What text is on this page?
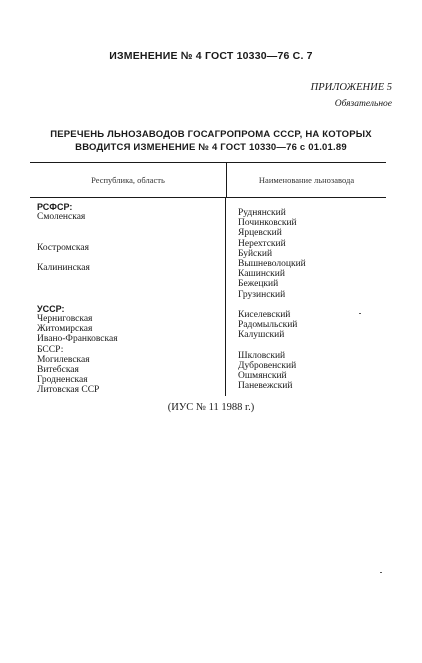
ИЗМЕНЕНИЕ № 4 ГОСТ 10330—76 С. 7
ПРИЛОЖЕНИЕ 5
Обязательное
ПЕРЕЧЕНЬ ЛЬНОЗАВОДОВ ГОСАГРОПРОМА СССР, НА КОТОРЫХ
ВВОДИТСЯ ИЗМЕНЕНИЕ № 4 ГОСТ 10330—76 с 01.01.89
Республика, область	Наименование льнозавода
РСФСР:
Смоленская
Костромская
Калининская
УССР:
Черниговская
Житомирская
Ивано-Франковская
БССР:
Могилевская
Витебская
Гродненская
Литовская ССР
Руднянский
Починковский
Ярцевский
Нерехтский
Буйский
Вышневолоцкий
Кашинский
Бежецкий
Грузинский
Киселевский
Радомыльский
Калушский
Шкловский
Дубровенский
Ошмянский
Паневежский
(ИУС № 11 1988 г.)
